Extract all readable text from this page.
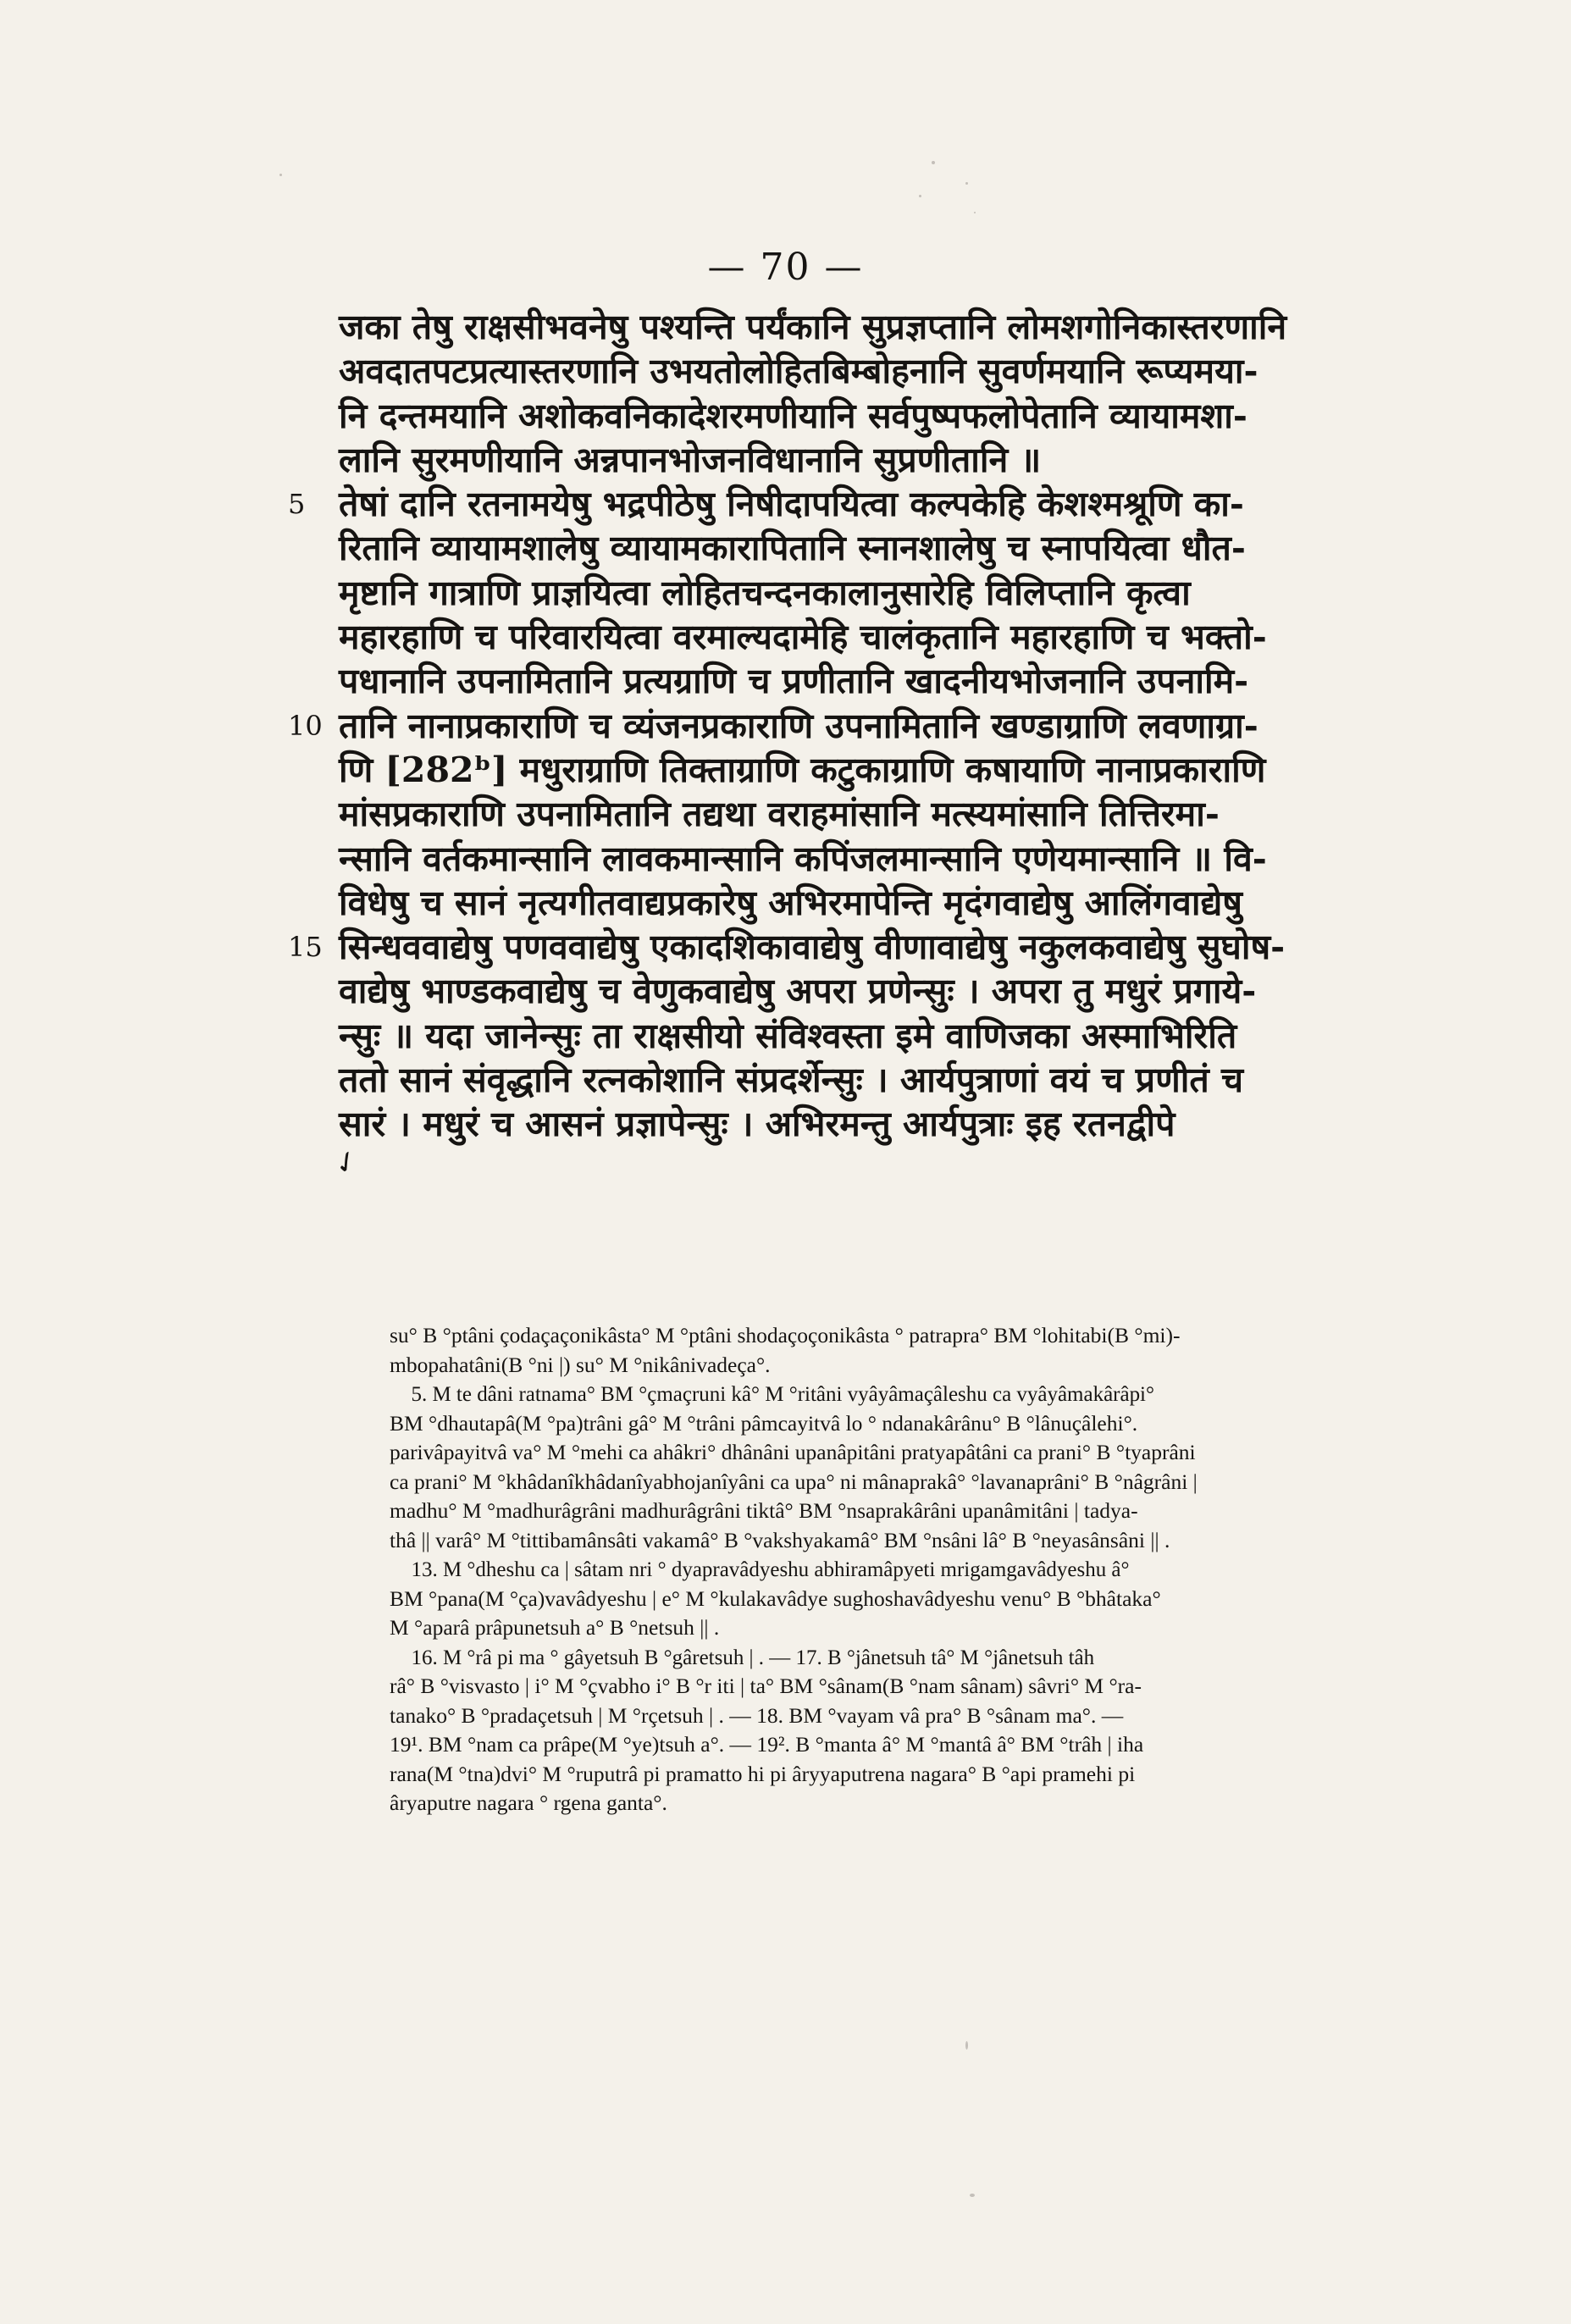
— 70 —
✓
जका तेषु राक्षसीभवनेषु पश्यन्ति पर्यंकानि सुप्रज्ञप्तानि लोमशगोनिकास्तरणानि
अवदातपटप्रत्यास्तरणानि उभयतोलोहितबिम्बोहनानि सुवर्णमयानि रूप्यमया-
नि दन्तमयानि अशोकवनिकादेशरमणीयानि सर्वपुष्पफलोपेतानि व्यायामशा-
लानि सुरमणीयानि अन्नपानभोजनविधानानि सुप्रणीतानि ॥
5 तेषां दानि रतनामयेषु भद्रपीठेषु निषीदापयित्वा कल्पकेहि केशश्मश्रूणि का-
रितानि व्यायामशालेषु व्यायामकारापितानि स्नानशालेषु च स्नापयित्वा धौत-
मृष्टानि गात्राणि प्राज्ञयित्वा लोहितचन्दनकालानुसारेहि विलिप्तानि कृत्वा
महारहाणि च परिवारयित्वा वरमाल्यदामेहि चालंकृतानि महारहाणि च भक्तो-
पधानानि उपनामितानि प्रत्यग्राणि च प्रणीतानि खादनीयभोजनानि उपनामि-
10 तानि नानाप्रकाराणि च व्यंजनप्रकाराणि उपनामितानि खण्डाग्राणि लवणाग्रा-
णि [282ᵇ] मधुराग्राणि तिक्ताग्राणि कटुकाग्राणि कषायाणि नानाप्रकाराणि
मांसप्रकाराणि उपनामितानि तद्यथा वराहमांसानि मत्स्यमांसानि तित्तिरमा-
न्सानि वर्तकमान्सानि लावकमान्सानि कपिंजलमान्सानि एणेयमान्सानि ॥ वि-
विधेषु च सानं नृत्यगीतवाद्यप्रकारेषु अभिरमापेन्ति मृदंगवाद्येषु आलिंगवाद्येषु
15 सिन्धववाद्येषु पणववाद्येषु एकादशिकावाद्येषु वीणावाद्येषु नकुलकवाद्येषु सुघोष-
वाद्येषु भाण्डकवाद्येषु च वेणुकवाद्येषु अपरा प्रणेन्सुः । अपरा तु मधुरं प्रगाये-
न्सुः ॥ यदा जानेन्सुः ता राक्षसीयो संविश्वस्ता इमे वाणिजका अस्माभिरिति
ततो सानं संवृद्धानि रत्नकोशानि संप्रदर्शेन्सुः । आर्यपुत्राणां वयं च प्रणीतं च
सारं । मधुरं च आसनं प्रज्ञापेन्सुः । अभिरमन्तु आर्यपुत्राः इह रतनद्वीपे
su° B °ptâni çodaçaçonikâsta° M °ptâni shodaçoçonikâsta ° patrapra° BM °lohitabi(B °mi)-
mbopahatâni(B °ni |) su° M °nikânivadeça°.
5. M te dâni ratnama° BM °çmaçruni kâ° M °ritâni vyâyâmaçâleshu ca vyâyâmakârâpi°
BM °dhautapâ(M °pa)trâni gâ° M °trâni pâmcayitvâ lo ° ndanakârânu° B °lânuçâlehi°.
parivâpayitvâ va° M °mehi ca ahâkri° dhânâni upanâpitâni pratyapâtâni ca prani° B °tyaprâni
ca prani° M °khâdanîkhâdanîyabhojanîyâni ca upa° ni mânaprakâ° °lavanaprâni° B °nâgrâni |
madhu° M °madhurâgrâni madhurâgrâni tiktâ° BM °nsaprakârâni upanâmitâni | tadya-
thâ || varâ° M °tittibamânsâti vakamâ° B °vakshyakamâ° BM °nsâni lâ° B °neyasânsâni || .
13. M °dheshu ca | sâtam nri ° dyapravâdyeshu abhiramâpyeti mrigamgavâdyeshu â°
BM °pana(M °ça)vavâdyeshu | e° M °kulakavâdye sughoshavâdyeshu venu° B °bhâtaka°
M °aparâ prâpunetsuh a° B °netsuh || .
16. M °râ pi ma ° gâyetsuh B °gâretsuh | . — 17. B °jânetsuh tâ° M °jânetsuh tâh
râ° B °visvasto | i° M °çvabho i° B °r iti | ta° BM °sânam(B °nam sânam) sâvri° M °ra-
tanako° B °pradaçetsuh | M °rçetsuh | . — 18. BM °vayam vâ pra° B °sânam ma°. —
19¹. BM °nam ca prâpe(M °ye)tsuh a°. — 19². B °manta â° M °mantâ â° BM °trâh | iha
rana(M °tna)dvi° M °ruputrâ pi pramatto hi pi âryyaputrena nagara° B °api pramehi pi
âryaputre nagara ° rgena ganta°.
